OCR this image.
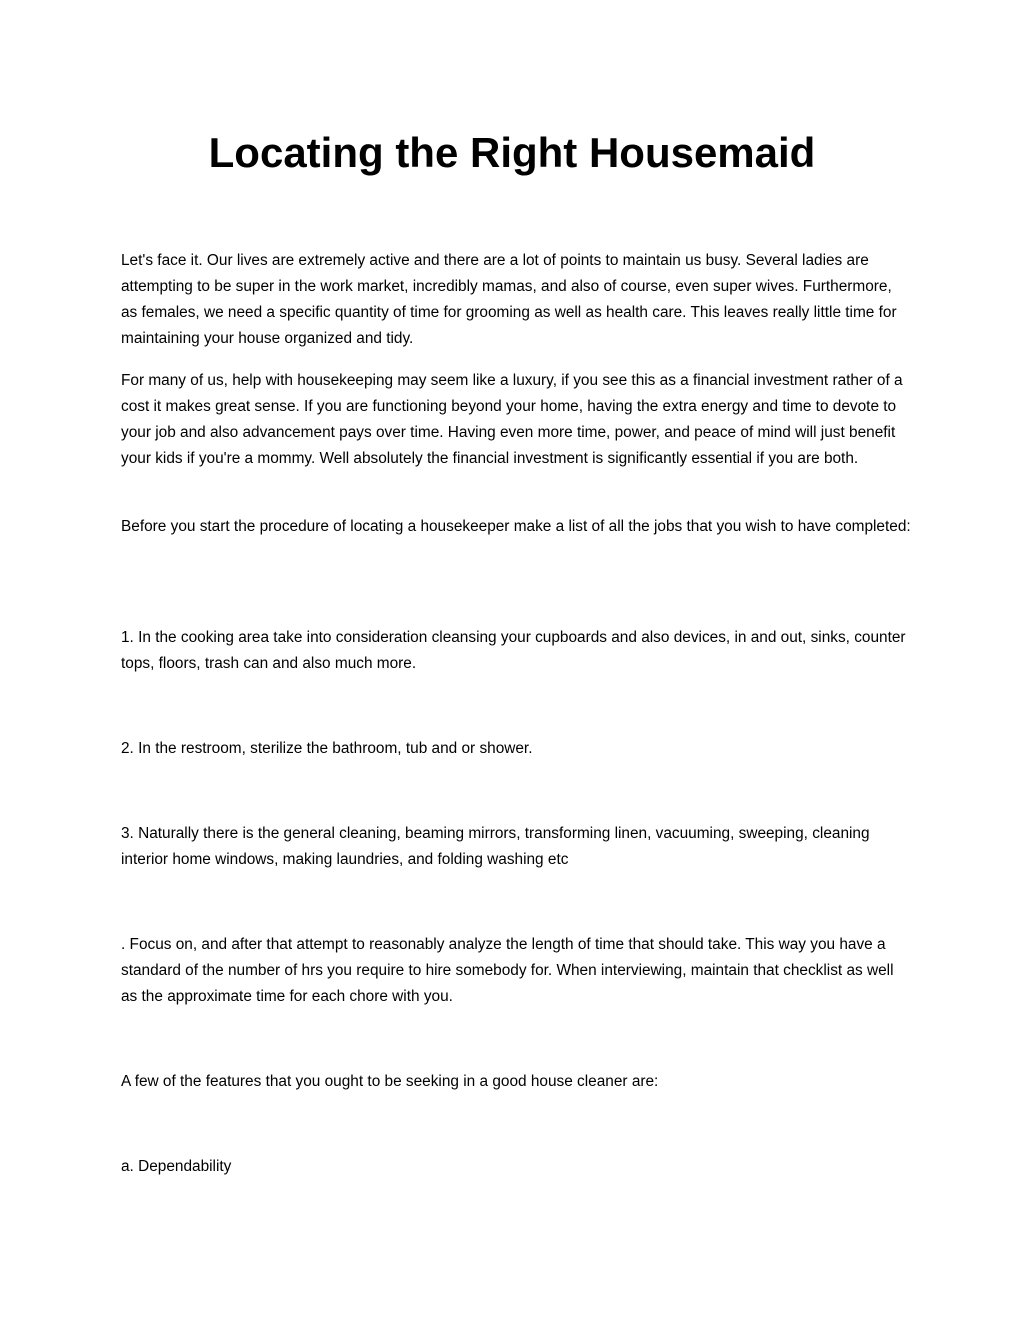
Locating the Right Housemaid

Let's face it. Our lives are extremely active and there are a lot of points to maintain us busy. Several ladies are attempting to be super in the work market, incredibly mamas, and also of course, even super wives. Furthermore, as females, we need a specific quantity of time for grooming as well as health care. This leaves really little time for maintaining your house organized and tidy.

For many of us, help with housekeeping may seem like a luxury, if you see this as a financial investment rather of a cost it makes great sense. If you are functioning beyond your home, having the extra energy and time to devote to your job and also advancement pays over time. Having even more time, power, and peace of mind will just benefit your kids if you're a mommy. Well absolutely the financial investment is significantly essential if you are both.

Before you start the procedure of locating a housekeeper make a list of all the jobs that you wish to have completed:

1. In the cooking area take into consideration cleansing your cupboards and also devices, in and out, sinks, counter tops, floors, trash can and also much more.

2. In the restroom, sterilize the bathroom, tub and or shower.

3. Naturally there is the general cleaning, beaming mirrors, transforming linen, vacuuming, sweeping, cleaning interior home windows, making laundries, and folding washing etc

. Focus on, and after that attempt to reasonably analyze the length of time that should take. This way you have a standard of the number of hrs you require to hire somebody for. When interviewing, maintain that checklist as well as the approximate time for each chore with you.

A few of the features that you ought to be seeking in a good house cleaner are:

a. Dependability
